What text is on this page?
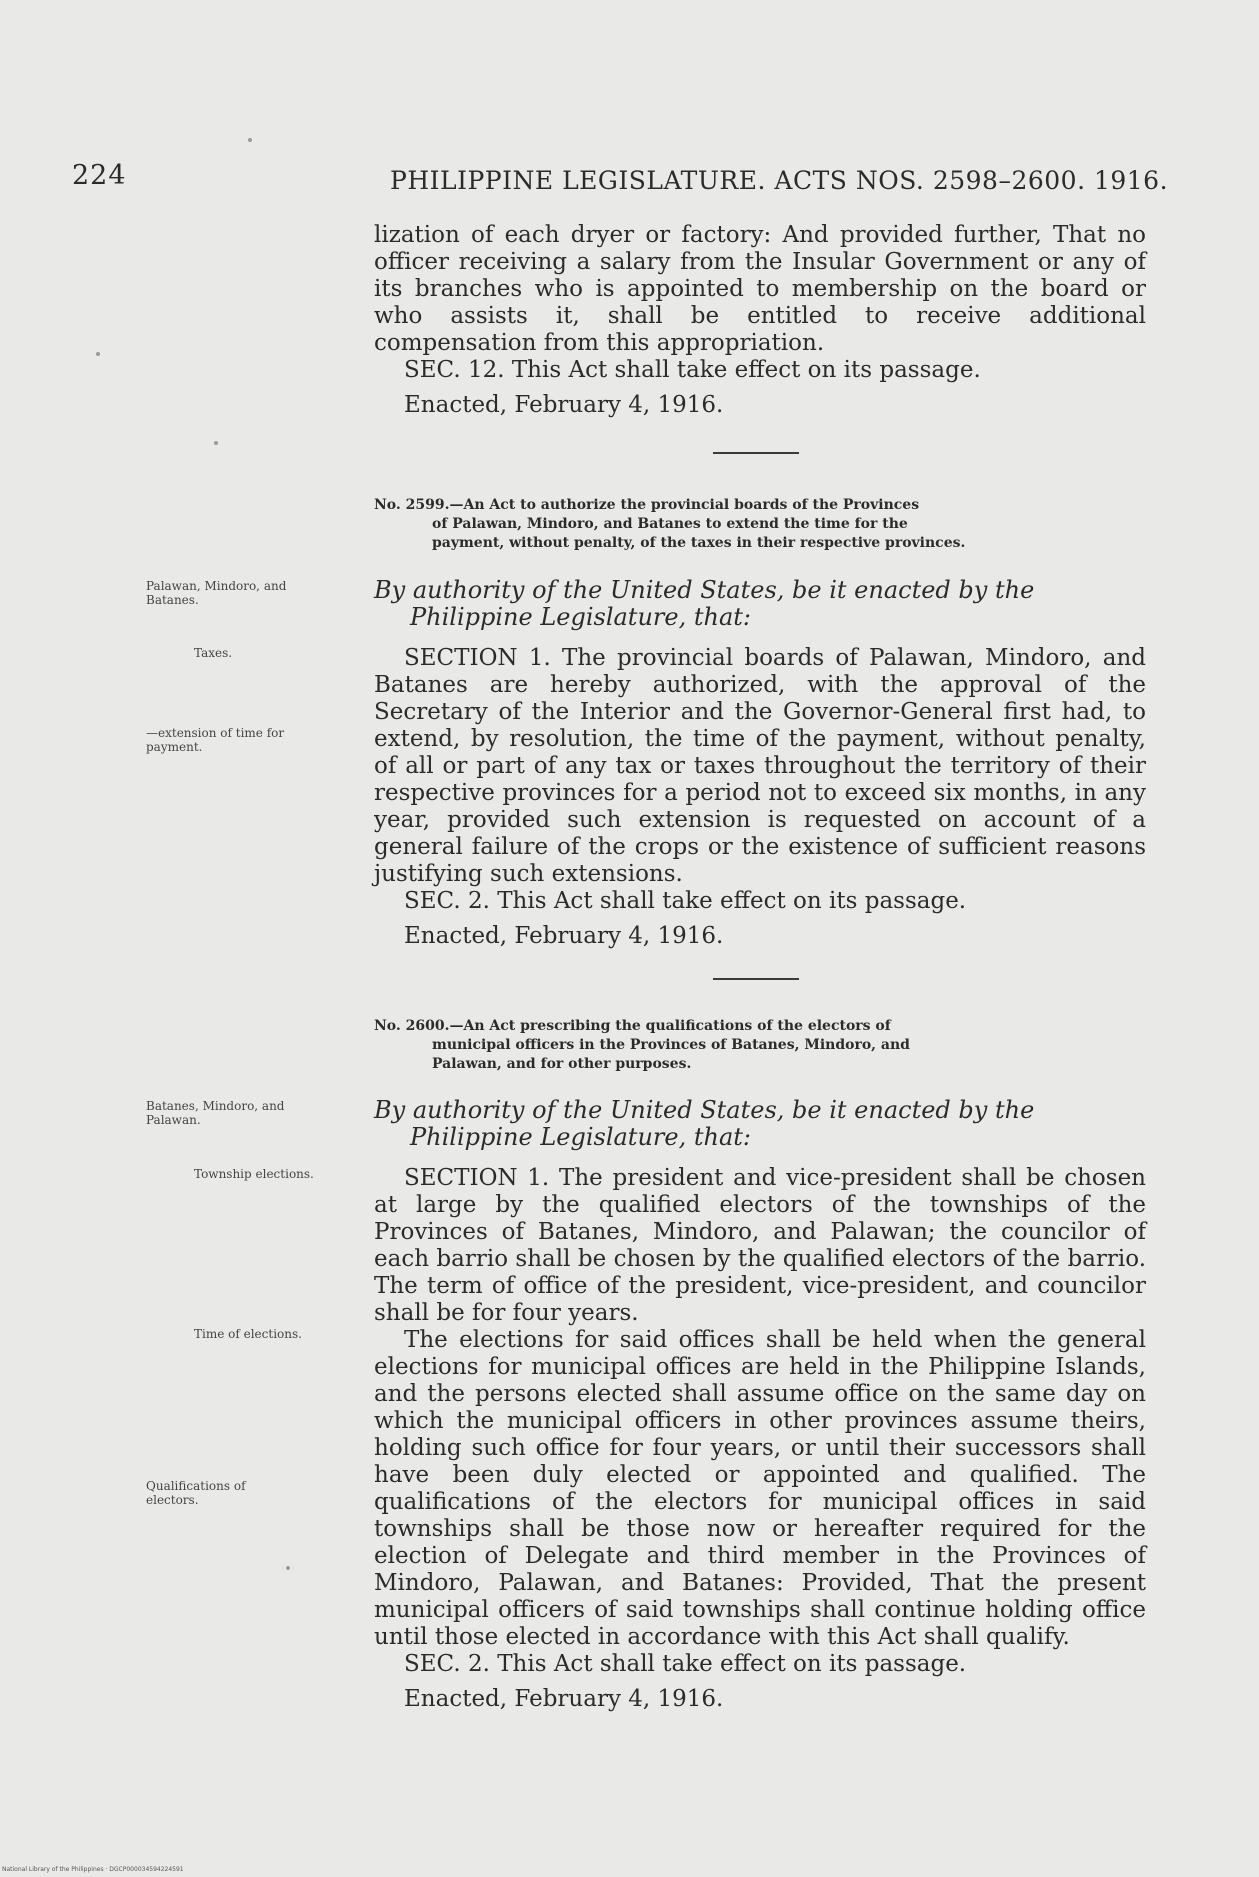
224	PHILIPPINE LEGISLATURE. ACTS NOS. 2598–2600. 1916.

lization of each dryer or factory: And provided further, That no officer receiving a salary from the Insular Government or any of its branches who is appointed to membership on the board or who assists it, shall be entitled to receive additional compensation from this appropriation.

SEC. 12. This Act shall take effect on its passage.

Enacted, February 4, 1916.

No. 2599.—An Act to authorize the provincial boards of the Provinces
of Palawan, Mindoro, and Batanes to extend the time for the
payment, without penalty, of the taxes in their respective provinces.
Palawan, Mindoro, and Batanes.	By authority of the United States, be it enacted by the
Philippine Legislature, that:
Taxes.
—extension of time for payment.

SECTION 1. The provincial boards of Palawan, Mindoro, and Batanes are hereby authorized, with the approval of the Secretary of the Interior and the Governor-General first had, to extend, by resolution, the time of the payment, without penalty, of all or part of any tax or taxes throughout the territory of their respective provinces for a period not to exceed six months, in any year, provided such extension is requested on account of a general failure of the crops or the existence of sufficient reasons justifying such extensions.

SEC. 2. This Act shall take effect on its passage.

Enacted, February 4, 1916.

No. 2600.—An Act prescribing the qualifications of the electors of
municipal officers in the Provinces of Batanes, Mindoro, and
Palawan, and for other purposes.
Batanes, Mindoro, and Palawan.	By authority of the United States, be it enacted by the
Philippine Legislature, that:
Township elections.
Time of elections.
Qualifications of electors.

SECTION 1. The president and vice-president shall be chosen at large by the qualified electors of the townships of the Provinces of Batanes, Mindoro, and Palawan; the councilor of each barrio shall be chosen by the qualified electors of the barrio. The term of office of the president, vice-president, and councilor shall be for four years.

The elections for said offices shall be held when the general elections for municipal offices are held in the Philippine Islands, and the persons elected shall assume office on the same day on which the municipal officers in other provinces assume theirs, holding such office for four years, or until their successors shall have been duly elected or appointed and qualified. The qualifications of the electors for municipal offices in said townships shall be those now or hereafter required for the election of Delegate and third member in the Provinces of Mindoro, Palawan, and Batanes: Provided, That the present municipal officers of said townships shall continue holding office until those elected in accordance with this Act shall qualify.

SEC. 2. This Act shall take effect on its passage.

Enacted, February 4, 1916.

National Library of the Philippines · DGCP000034594224591
